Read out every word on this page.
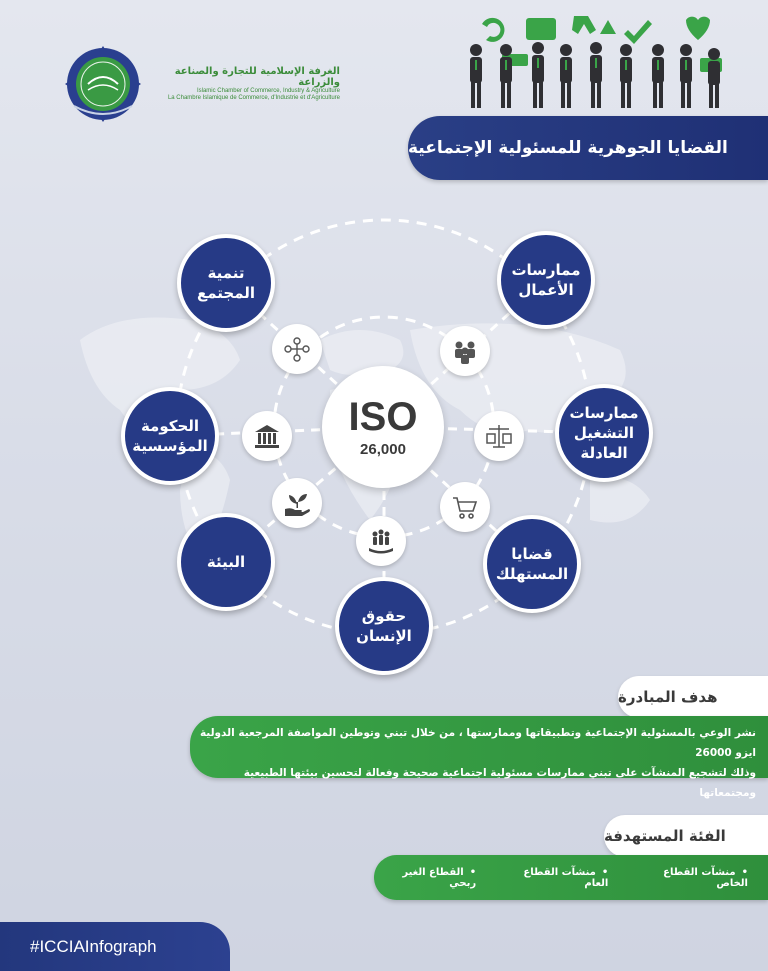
الغرفة الإسلامية للتجارة والصناعة والزراعة
Islamic Chamber of Commerce, Industry & Agriculture
La Chambre Islamique de Commerce, d'Industrie et d'Agriculture
القضايا الجوهرية للمسئولية الإجتماعية
ISO
26,000
تنمية المجتمع
ممارسات الأعمال
الحكومة المؤسسية
ممارسات التشغيل العادلة
البيئة	قضايا المستهلك
حقوق الإنسان
هدف المبادرة
نشر الوعي بالمسئولية الإجتماعية وتطبيقاتها وممارستها ، من خلال تبني وتوطين المواصفة المرجعية الدولية ايزو 26000
وذلك لتشجيع المنشآت على تبني ممارسات مسئولية اجتماعية صحيحة وفعالة لتحسين بيئتها الطبيعية ومجتمعاتها
الفئة المستهدفة
• منشآت القطاع الخاص
• منشآت القطاع العام
• القطاع الغير ربحي
#ICCIAInfograph
